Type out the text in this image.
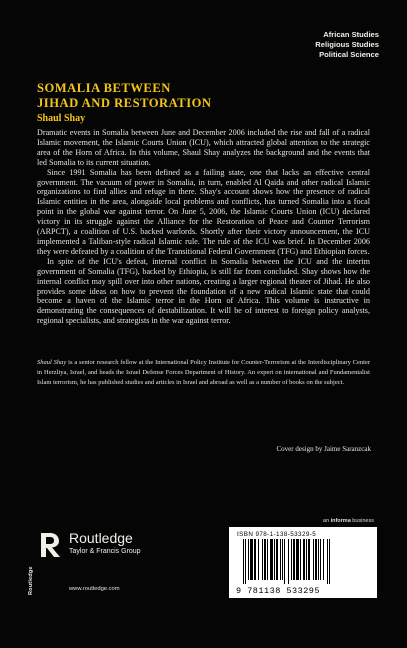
African Studies
Religious Studies
Political Science
SOMALIA BETWEEN
JIHAD AND RESTORATION
Shaul Shay

Dramatic events in Somalia between June and December 2006 included the rise and fall of a radical Islamic movement, the Islamic Courts Union (ICU), which attracted global attention to the strategic area of the Horn of Africa. In this volume, Shaul Shay analyzes the background and the events that led Somalia to its current situation.

Since 1991 Somalia has been defined as a failing state, one that lacks an effective central government. The vacuum of power in Somalia, in turn, enabled Al Qaida and other radical Islamic organizations to find allies and refuge in there. Shay's account shows how the presence of radical Islamic entities in the area, alongside local problems and conflicts, has turned Somalia into a focal point in the global war against terror. On June 5, 2006, the Islamic Courts Union (ICU) declared victory in its struggle against the Alliance for the Restoration of Peace and Counter Terrorism (ARPCT), a coalition of U.S. backed warlords. Shortly after their victory announcement, the ICU implemented a Taliban-style radical Islamic rule. The rule of the ICU was brief. In December 2006 they were defeated by a coalition of the Transitional Federal Government (TFG) and Ethiopian forces.

In spite of the ICU's defeat, internal conflict in Somalia between the ICU and the interim government of Somalia (TFG), backed by Ethiopia, is still far from concluded. Shay shows how the internal conflict may spill over into other nations, creating a larger regional theater of Jihad. He also provides some ideas on how to prevent the foundation of a new radical Islamic state that could become a haven of the Islamic terror in the Horn of Africa. This volume is instructive in demonstrating the consequences of destabilization. It will be of interest to foreign policy analysts, regional specialists, and strategists in the war against terror.

Shaul Shay is a senior research fellow at the International Policy Institute for Counter-Terrorism at the Interdisciplinary Center in Herzliya, Israel, and heads the Israel Defense Forces Department of History. An expert on international and Fundamentalist Islam terrorism, he has published studies and articles in Israel and abroad as well as a number of books on the subject.

Cover design by Jaime Saranzcak
Routledge
Routledge
Taylor & Francis Group
www.routledge.com
an informa business
ISBN 978-1-138-53329-5
9 781138 533295
